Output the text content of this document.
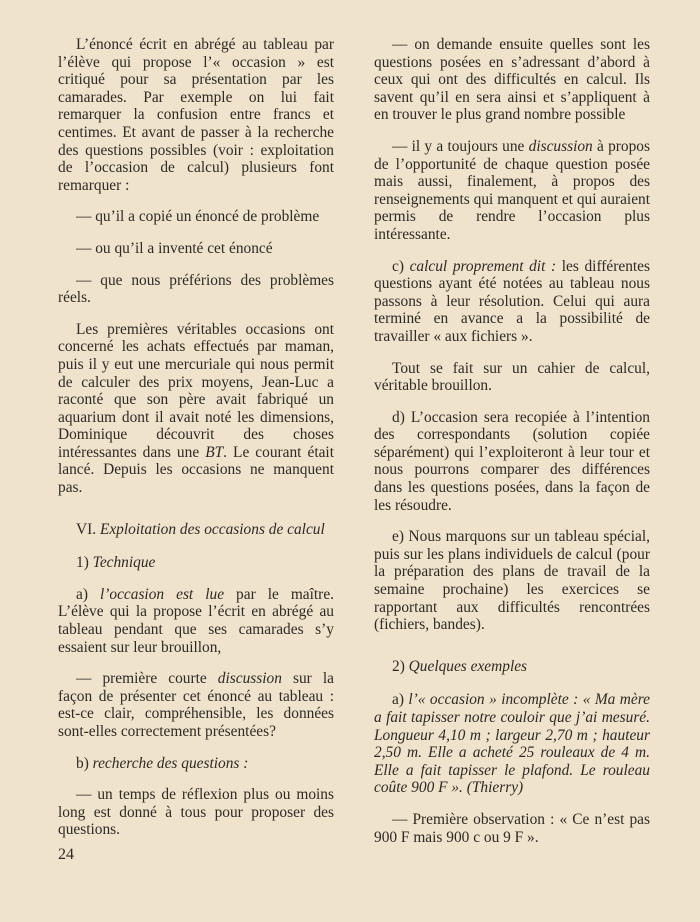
L’énoncé écrit en abrégé au tableau par l’élève qui propose l’« occasion » est critiqué pour sa présentation par les camarades. Par exemple on lui fait remarquer la confusion entre francs et centimes. Et avant de passer à la recherche des questions possibles (voir : exploitation de l’occasion de calcul) plusieurs font remarquer :

— qu’il a copié un énoncé de problème

— ou qu’il a inventé cet énoncé

— que nous préférions des problèmes réels.

Les premières véritables occasions ont concerné les achats effectués par maman, puis il y eut une mercuriale qui nous permit de calculer des prix moyens, Jean-Luc a raconté que son père avait fabriqué un aquarium dont il avait noté les dimensions, Dominique découvrit des choses intéressantes dans une BT. Le courant était lancé. Depuis les occasions ne manquent pas.

VI. Exploitation des occasions de calcul

1) Technique

a) l’occasion est lue par le maître. L’élève qui la propose l’écrit en abrégé au tableau pendant que ses camarades s’y essaient sur leur brouillon,

— première courte discussion sur la façon de présenter cet énoncé au tableau : est-ce clair, compréhensible, les données sont-elles correctement présentées?

b) recherche des questions :

— un temps de réflexion plus ou moins long est donné à tous pour proposer des questions.

— on demande ensuite quelles sont les questions posées en s’adressant d’abord à ceux qui ont des difficultés en calcul. Ils savent qu’il en sera ainsi et s’appliquent à en trouver le plus grand nombre possible

— il y a toujours une discussion à propos de l’opportunité de chaque question posée mais aussi, finalement, à propos des renseignements qui manquent et qui auraient permis de rendre l’occasion plus intéressante.

c) calcul proprement dit : les différentes questions ayant été notées au tableau nous passons à leur résolution. Celui qui aura terminé en avance a la possibilité de travailler « aux fichiers ».

Tout se fait sur un cahier de calcul, véritable brouillon.

d) L’occasion sera recopiée à l’intention des correspondants (solution copiée séparément) qui l’exploiteront à leur tour et nous pourrons comparer des différences dans les questions posées, dans la façon de les résoudre.

e) Nous marquons sur un tableau spécial, puis sur les plans individuels de calcul (pour la préparation des plans de travail de la semaine prochaine) les exercices se rapportant aux difficultés rencontrées (fichiers, bandes).

2) Quelques exemples

a) l’« occasion » incomplète : « Ma mère a fait tapisser notre couloir que j’ai mesuré. Longueur 4,10 m ; largeur 2,70 m ; hauteur 2,50 m. Elle a acheté 25 rouleaux de 4 m. Elle a fait tapisser le plafond. Le rouleau coûte 900 F ». (Thierry)

— Première observation : « Ce n’est pas 900 F mais 900 c ou 9 F ».

24
